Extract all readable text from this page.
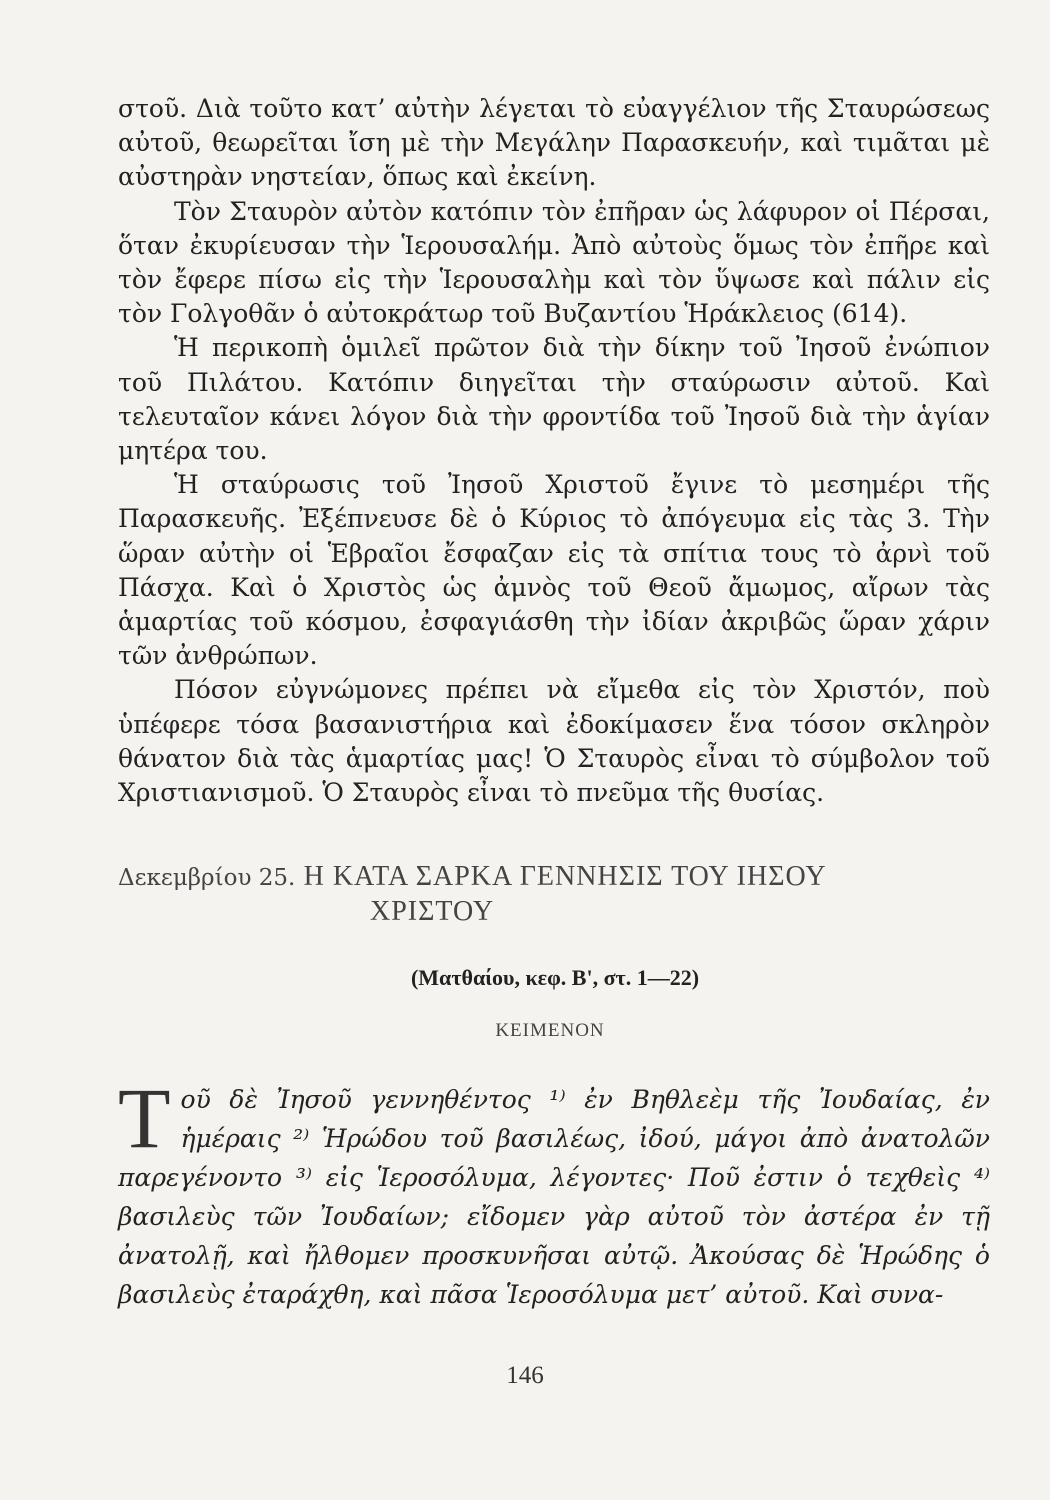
στοῦ. Διὰ τοῦτο κατ’ αὐτὴν λέγεται τὸ εὐαγγέλιον τῆς Σταυρώσεως αὐτοῦ, θεωρεῖται ἴση μὲ τὴν Μεγάλην Παρασκευήν, καὶ τιμᾶται μὲ αὐστηρὰν νηστείαν, ὅπως καὶ ἐκείνη.

Τὸν Σταυρὸν αὐτὸν κατόπιν τὸν ἐπῆραν ὡς λάφυρον οἱ Πέρσαι, ὅταν ἐκυρίευσαν τὴν Ἱερουσαλήμ. Ἀπὸ αὐτοὺς ὅμως τὸν ἐπῆρε καὶ τὸν ἔφερε πίσω εἰς τὴν Ἱερουσαλὴμ καὶ τὸν ὕψωσε καὶ πάλιν εἰς τὸν Γολγοθᾶν ὁ αὐτοκράτωρ τοῦ Βυζαντίου Ἡράκλειος (614).

Ἡ περικοπὴ ὁμιλεῖ πρῶτον διὰ τὴν δίκην τοῦ Ἰησοῦ ἐνώπιον τοῦ Πιλάτου. Κατόπιν διηγεῖται τὴν σταύρωσιν αὐτοῦ. Καὶ τελευταῖον κάνει λόγον διὰ τὴν φροντίδα τοῦ Ἰησοῦ διὰ τὴν ἁγίαν μητέρα του.

Ἡ σταύρωσις τοῦ Ἰησοῦ Χριστοῦ ἔγινε τὸ μεσημέρι τῆς Παρασκευῆς. Ἐξέπνευσε δὲ ὁ Κύριος τὸ ἀπόγευμα εἰς τὰς 3. Τὴν ὥραν αὐτὴν οἱ Ἑβραῖοι ἔσφαζαν εἰς τὰ σπίτια τους τὸ ἀρνὶ τοῦ Πάσχα. Καὶ ὁ Χριστὸς ὡς ἀμνὸς τοῦ Θεοῦ ἄμωμος, αἴρων τὰς ἁμαρτίας τοῦ κόσμου, ἐσφαγιάσθη τὴν ἰδίαν ἀκριβῶς ὥραν χάριν τῶν ἀνθρώπων.

Πόσον εὐγνώμονες πρέπει νὰ εἴμεθα εἰς τὸν Χριστόν, ποὺ ὑπέφερε τόσα βασανιστήρια καὶ ἐδοκίμασεν ἕνα τόσον σκληρὸν θάνατον διὰ τὰς ἁμαρτίας μας! Ὁ Σταυρὸς εἶναι τὸ σύμβολον τοῦ Χριστιανισμοῦ. Ὁ Σταυρὸς εἶναι τὸ πνεῦμα τῆς θυσίας.

Δεκεμβρίου 25. Η ΚΑΤΑ ΣΑΡΚΑ ΓΕΝΝΗΣΙΣ ΤΟΥ ΙΗΣΟΥ
ΧΡΙΣΤΟΥ
(Ματθαίου, κεφ. Β', στ. 1—22)
ΚΕΙΜΕΝΟΝ

Τοῦ δὲ Ἰησοῦ γεννηθέντος ¹⁾ ἐν Βηθλεὲμ τῆς Ἰουδαίας, ἐν ἡμέραις ²⁾ Ἡρώδου τοῦ βασιλέως, ἰδού, μάγοι ἀπὸ ἀνατολῶν παρεγένοντο ³⁾ εἰς Ἱεροσόλυμα, λέγοντες· Ποῦ ἐστιν ὁ τεχθεὶς ⁴⁾ βασιλεὺς τῶν Ἰουδαίων; εἴδομεν γὰρ αὐτοῦ τὸν ἀστέρα ἐν τῇ ἀνατολῇ, καὶ ἤλθομεν προσκυνῆσαι αὐτῷ. Ἀκούσας δὲ Ἡρώδης ὁ βασιλεὺς ἐταράχθη, καὶ πᾶσα Ἱεροσόλυμα μετ’ αὐτοῦ. Καὶ συνα-

146
